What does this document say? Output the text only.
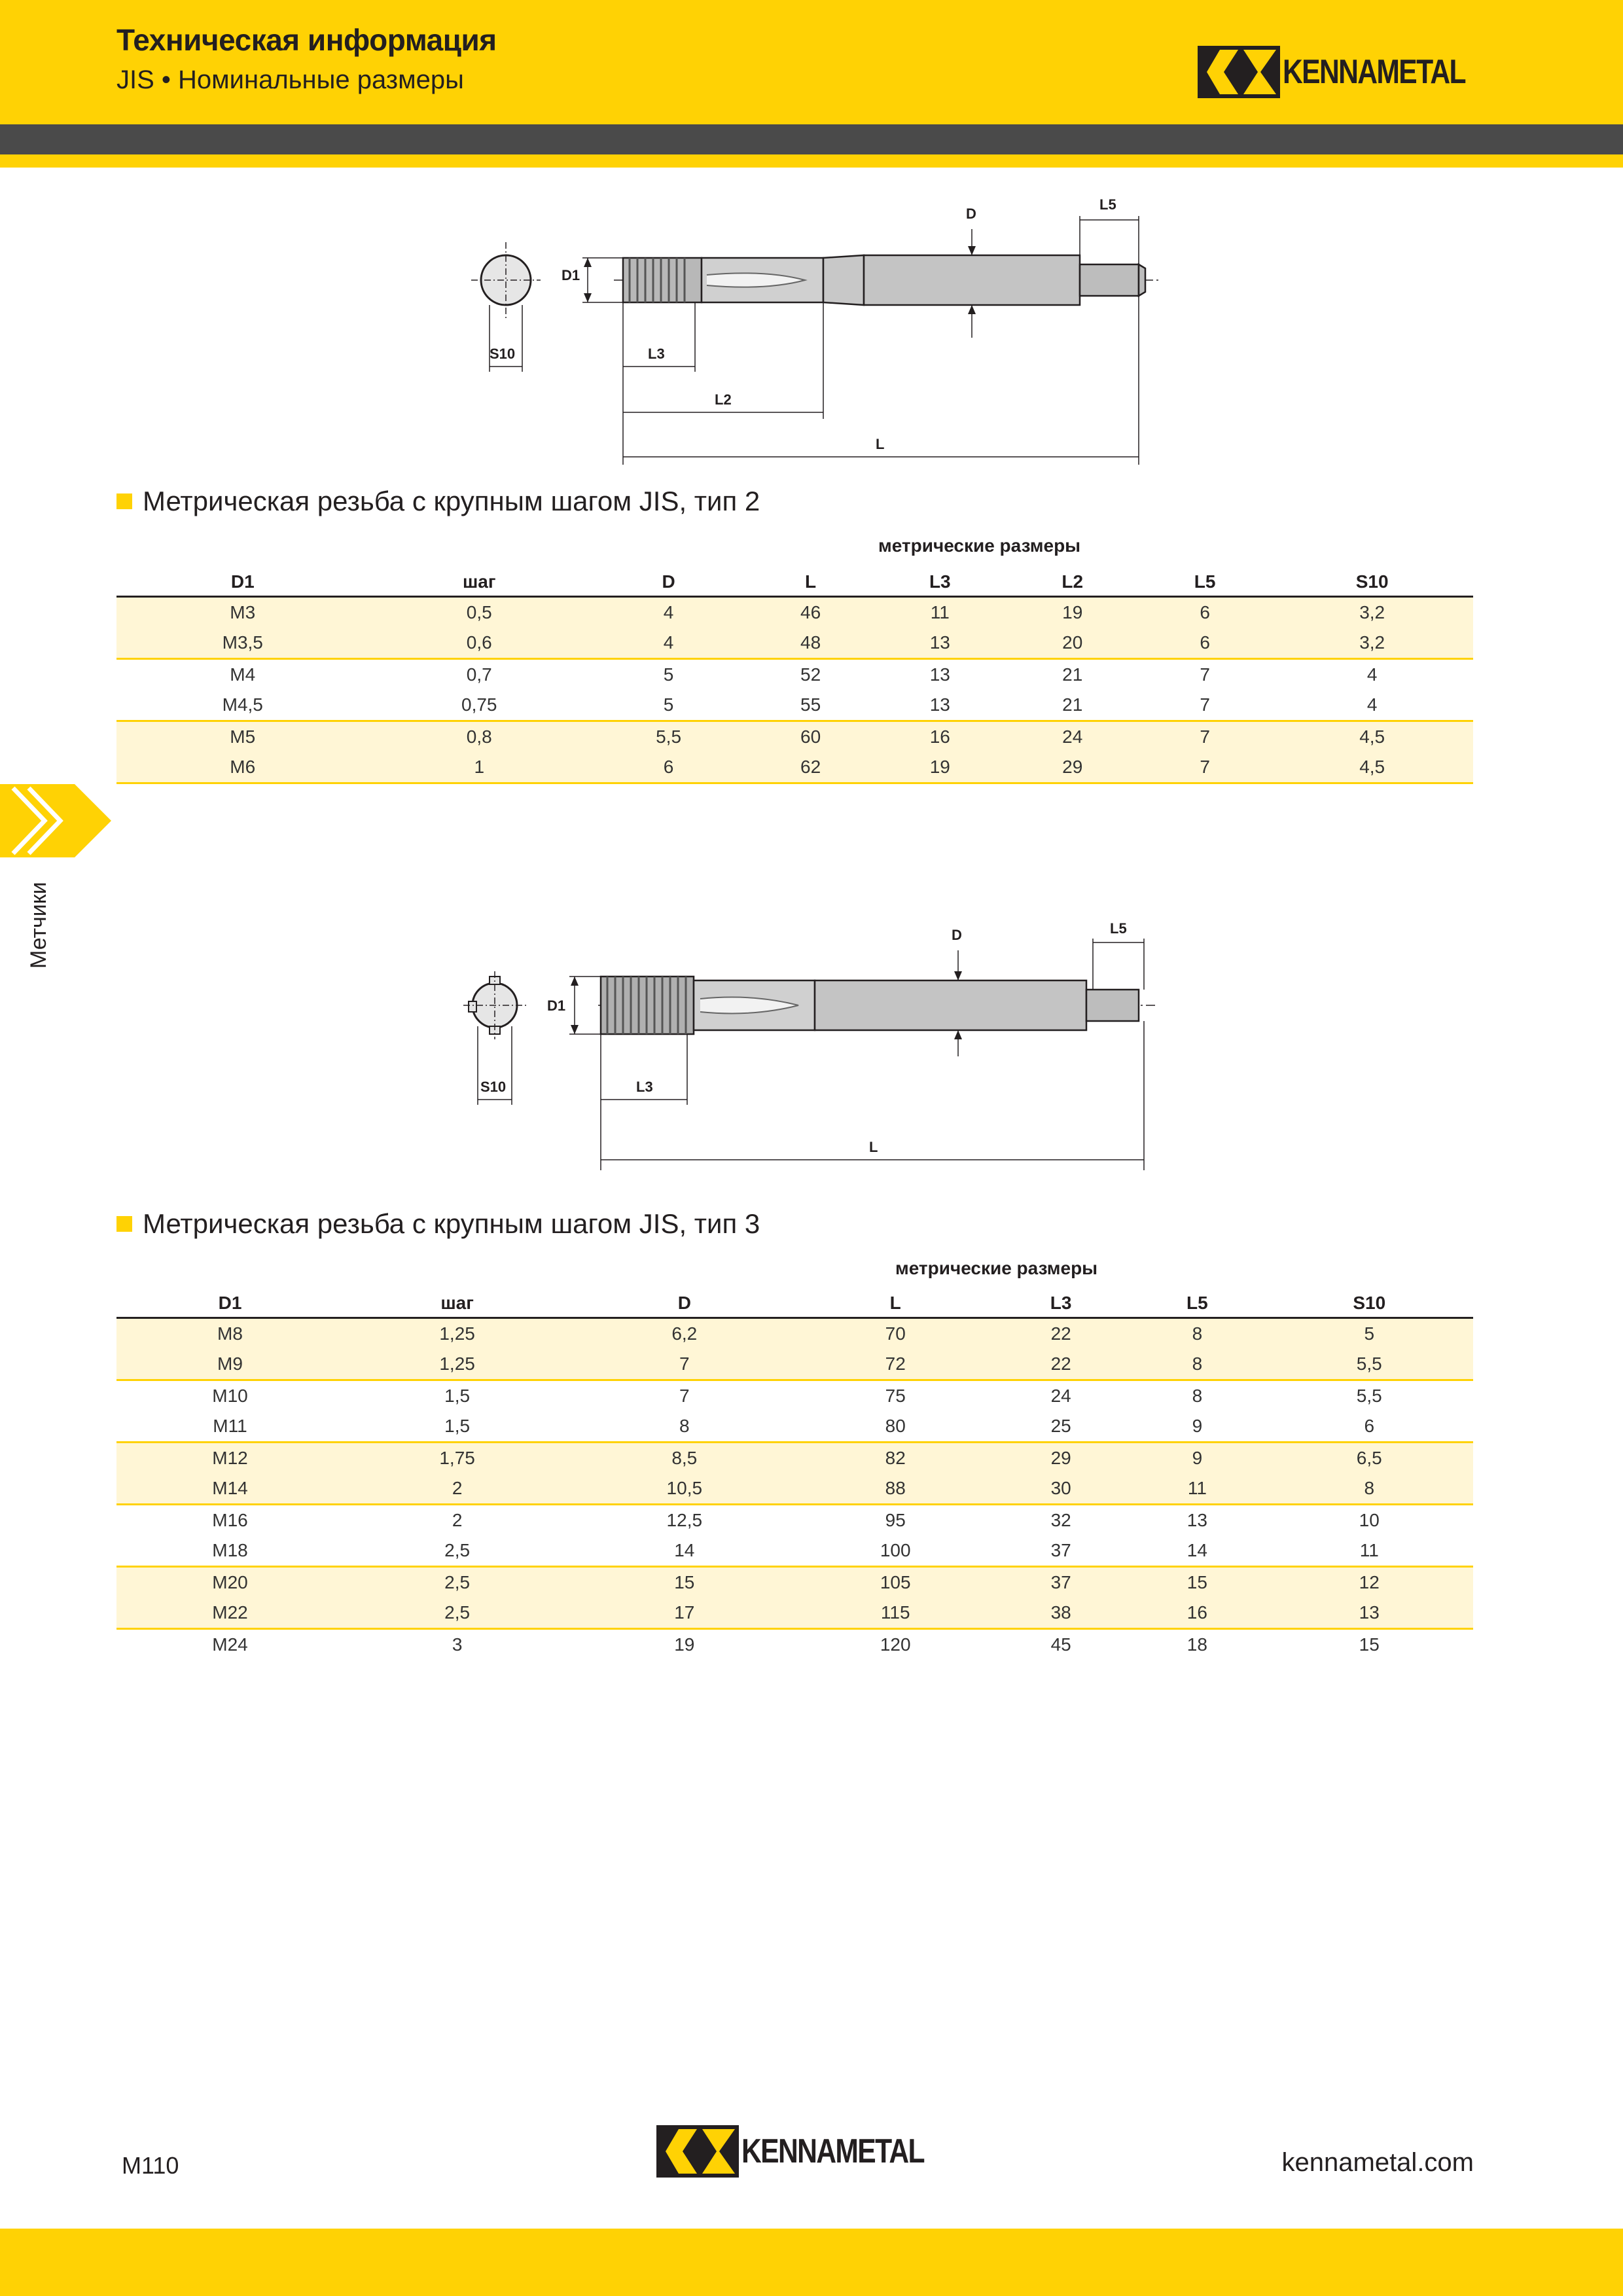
Техническая информация
JIS • Номинальные размеры	KENNAMETAL
Метчики
S10
D1
D
L5
L3
L2
L
Метрическая резьба с крупным шагом JIS, тип 2
метрические размеры
D1	шаг	D	L	L3	L2	L5	S10
M3	0,5	4	46	11	19	6	3,2
M3,5	0,6	4	48	13	20	6	3,2
M4	0,7	5	52	13	21	7	4
M4,5	0,75	5	55	13	21	7	4
M5	0,8	5,5	60	16	24	7	4,5
M6	1	6	62	19	29	7	4,5
S10
D1
D	L5
L3
L
Метрическая резьба с крупным шагом JIS, тип 3
метрические размеры
D1	шаг	D	L	L3	L5	S10
M8	1,25	6,2	70	22	8	5
M9	1,25	7	72	22	8	5,5
M10	1,5	7	75	24	8	5,5
M11	1,5	8	80	25	9	6
M12	1,75	8,5	82	29	9	6,5
M14	2	10,5	88	30	11	8
M16	2	12,5	95	32	13	10
M18	2,5	14	100	37	14	11
M20	2,5	15	105	37	15	12
M22	2,5	17	115	38	16	13
M24	3	19	120	45	18	15
M110	KENNAMETAL	kennametal.com
